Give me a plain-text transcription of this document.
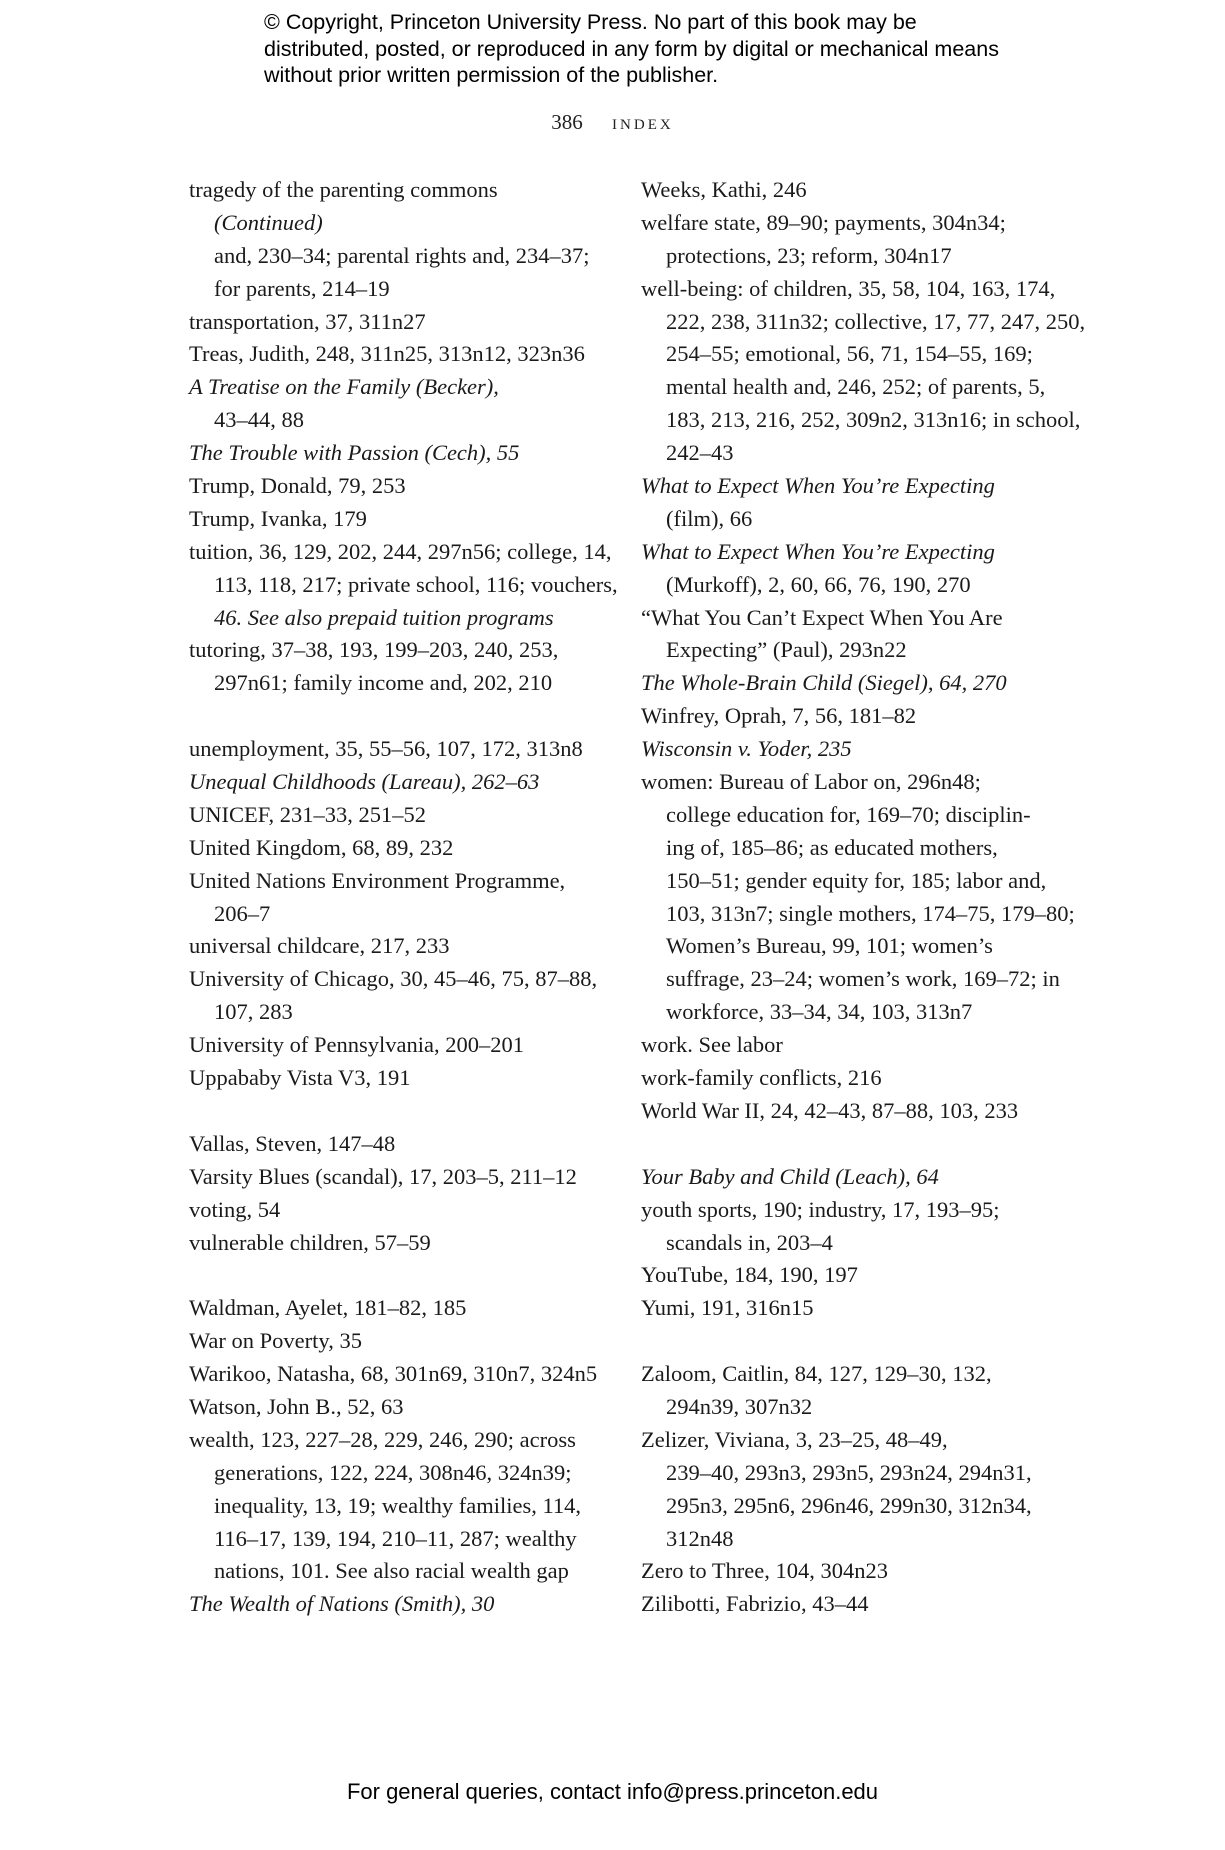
© Copyright, Princeton University Press. No part of this book may be distributed, posted, or reproduced in any form by digital or mechanical means without prior written permission of the publisher.
386 index
tragedy of the parenting commons
(Continued)
and, 230–34; parental rights and, 234–37;
for parents, 214–19
transportation, 37, 311n27
Treas, Judith, 248, 311n25, 313n12, 323n36
A Treatise on the Family (Becker),
43–44, 88
The Trouble with Passion (Cech), 55
Trump, Donald, 79, 253
Trump, Ivanka, 179
tuition, 36, 129, 202, 244, 297n56; college, 14,
113, 118, 217; private school, 116; vouchers,
46. See also prepaid tuition programs
tutoring, 37–38, 193, 199–203, 240, 253,
297n61; family income and, 202, 210
unemployment, 35, 55–56, 107, 172, 313n8
Unequal Childhoods (Lareau), 262–63
UNICEF, 231–33, 251–52
United Kingdom, 68, 89, 232
United Nations Environment Programme,
206–7
universal childcare, 217, 233
University of Chicago, 30, 45–46, 75, 87–88,
107, 283
University of Pennsylvania, 200–201
Uppababy Vista V3, 191
Vallas, Steven, 147–48
Varsity Blues (scandal), 17, 203–5, 211–12
voting, 54
vulnerable children, 57–59
Waldman, Ayelet, 181–82, 185
War on Poverty, 35
Warikoo, Natasha, 68, 301n69, 310n7, 324n5
Watson, John B., 52, 63
wealth, 123, 227–28, 229, 246, 290; across
generations, 122, 224, 308n46, 324n39;
inequality, 13, 19; wealthy families, 114,
116–17, 139, 194, 210–11, 287; wealthy
nations, 101. See also racial wealth gap
The Wealth of Nations (Smith), 30
Weeks, Kathi, 246
welfare state, 89–90; payments, 304n34;
protections, 23; reform, 304n17
well-being: of children, 35, 58, 104, 163, 174,
222, 238, 311n32; collective, 17, 77, 247, 250,
254–55; emotional, 56, 71, 154–55, 169;
mental health and, 246, 252; of parents, 5,
183, 213, 216, 252, 309n2, 313n16; in school,
242–43
What to Expect When You’re Expecting
(film), 66
What to Expect When You’re Expecting
(Murkoff), 2, 60, 66, 76, 190, 270
“What You Can’t Expect When You Are
Expecting” (Paul), 293n22
The Whole-Brain Child (Siegel), 64, 270
Winfrey, Oprah, 7, 56, 181–82
Wisconsin v. Yoder, 235
women: Bureau of Labor on, 296n48;
college education for, 169–70; disciplin-
ing of, 185–86; as educated mothers,
150–51; gender equity for, 185; labor and,
103, 313n7; single mothers, 174–75, 179–80;
Women’s Bureau, 99, 101; women’s
suffrage, 23–24; women’s work, 169–72; in
workforce, 33–34, 34, 103, 313n7
work. See labor
work-family conflicts, 216
World War II, 24, 42–43, 87–88, 103, 233
Your Baby and Child (Leach), 64
youth sports, 190; industry, 17, 193–95;
scandals in, 203–4
YouTube, 184, 190, 197
Yumi, 191, 316n15
Zaloom, Caitlin, 84, 127, 129–30, 132,
294n39, 307n32
Zelizer, Viviana, 3, 23–25, 48–49,
239–40, 293n3, 293n5, 293n24, 294n31,
295n3, 295n6, 296n46, 299n30, 312n34,
312n48
Zero to Three, 104, 304n23
Zilibotti, Fabrizio, 43–44
For general queries, contact info@press.princeton.edu
